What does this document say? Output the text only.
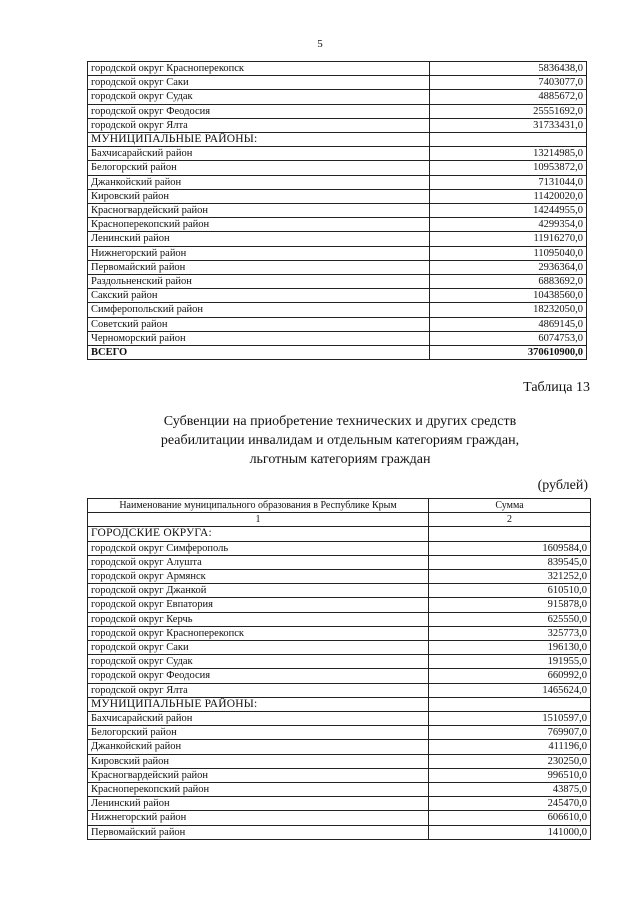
5
городской округ Красноперекопск	5836438,0
городской округ Саки	7403077,0
городской округ Судак	4885672,0
городской округ Феодосия	25551692,0
городской округ Ялта	31733431,0
МУНИЦИПАЛЬНЫЕ РАЙОНЫ:	
Бахчисарайский район	13214985,0
Белогорский район	10953872,0
Джанкойский район	7131044,0
Кировский район	11420020,0
Красногвардейский район	14244955,0
Красноперекопский район	4299354,0
Ленинский район	11916270,0
Нижнегорский район	11095040,0
Первомайский район	2936364,0
Раздольненский район	6883692,0
Сакский район	10438560,0
Симферопольский район	18232050,0
Советский район	4869145,0
Черноморский район	6074753,0
ВСЕГО	370610900,0
Таблица 13
Субвенции на приобретение технических и других средств
реабилитации инвалидам и отдельным категориям граждан,
льготным категориям граждан
(рублей)
Наименование муниципального образования в Республике Крым	Сумма
1	2
ГОРОДСКИЕ ОКРУГА:	
городской округ Симферополь	1609584,0
городской округ Алушта	839545,0
городской округ Армянск	321252,0
городской округ Джанкой	610510,0
городской округ Евпатория	915878,0
городской округ Керчь	625550,0
городской округ Красноперекопск	325773,0
городской округ Саки	196130,0
городской округ Судак	191955,0
городской округ Феодосия	660992,0
городской округ Ялта	1465624,0
МУНИЦИПАЛЬНЫЕ РАЙОНЫ:	
Бахчисарайский район	1510597,0
Белогорский район	769907,0
Джанкойский район	411196,0
Кировский район	230250,0
Красногвардейский район	996510,0
Красноперекопский район	43875,0
Ленинский район	245470,0
Нижнегорский район	606610,0
Первомайский район	141000,0
